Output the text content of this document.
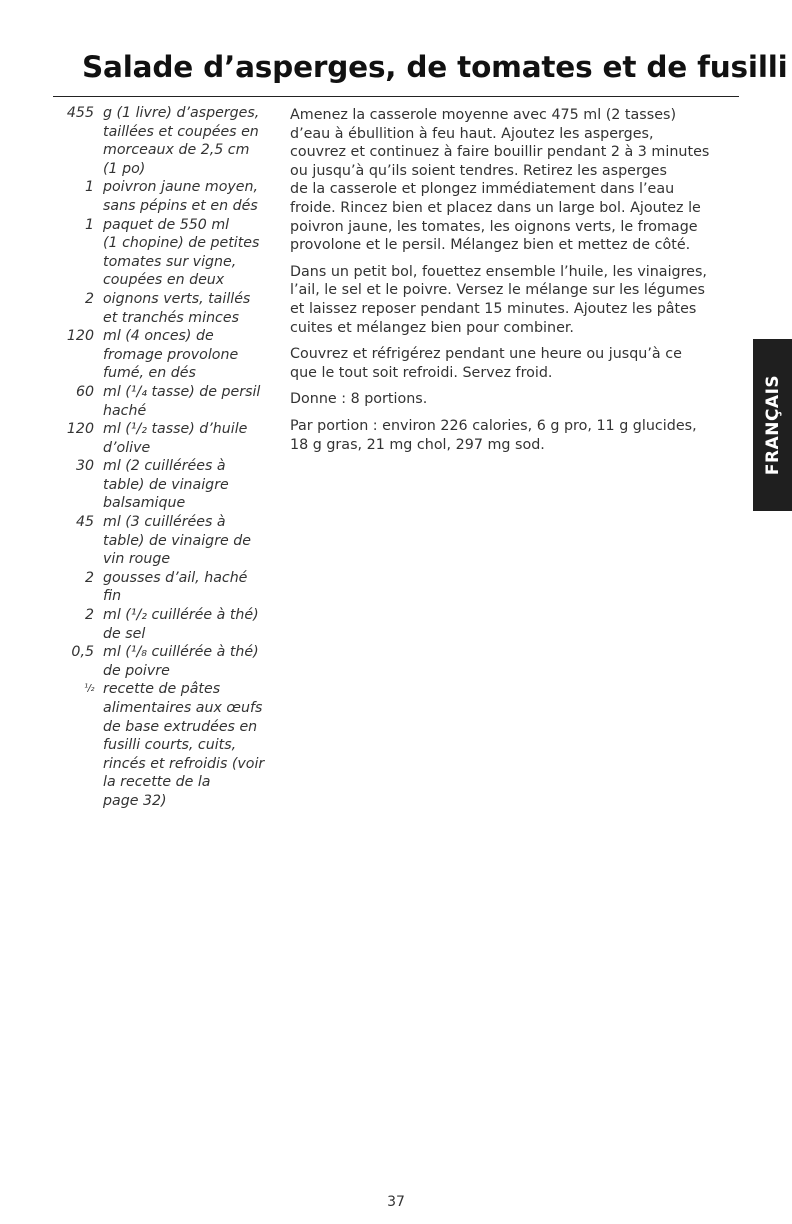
Salade d’asperges, de tomates et de fusilli
455 g (1 livre) d’asperges,
taillées et coupées en
morceaux de 2,5 cm
(1 po)
1 poivron jaune moyen,
sans pépins et en dés
1 paquet de 550 ml
(1 chopine) de petites
tomates sur vigne,
coupées en deux
2 oignons verts, taillés
et tranchés minces
120 ml (4 onces) de
fromage provolone
fumé, en dés
60 ml (¹/₄ tasse) de persil
haché
120 ml (¹/₂ tasse) d’huile
d’olive
30 ml (2 cuillérées à
table) de vinaigre
balsamique
45 ml (3 cuillérées à
table) de vinaigre de
vin rouge
2 gousses d’ail, haché
fin
2 ml (¹/₂ cuillérée à thé)
de sel
0,5 ml (¹/₈ cuillérée à thé)
de poivre
¹/₂ recette de pâtes
alimentaires aux œufs
de base extrudées en
fusilli courts, cuits,
rincés et refroidis (voir
la recette de la
page 32)

Amenez la casserole moyenne avec 475 ml (2 tasses)
d’eau à ébullition à feu haut. Ajoutez les asperges,
couvrez et continuez à faire bouillir pendant 2 à 3 minutes
ou jusqu’à qu’ils soient tendres. Retirez les asperges
de la casserole et plongez immédiatement dans l’eau
froide. Rincez bien et placez dans un large bol. Ajoutez le
poivron jaune, les tomates, les oignons verts, le fromage
provolone et le persil. Mélangez bien et mettez de côté.

Dans un petit bol, fouettez ensemble l’huile, les vinaigres,
l’ail, le sel et le poivre. Versez le mélange sur les légumes
et laissez reposer pendant 15 minutes. Ajoutez les pâtes
cuites et mélangez bien pour combiner.

Couvrez et réfrigérez pendant une heure ou jusqu’à ce
que le tout soit refroidi. Servez froid.

Donne : 8 portions.

Par portion : environ 226 calories, 6 g pro, 11 g glucides,
18 g gras, 21 mg chol, 297 mg sod.	FRANÇAIS
37
